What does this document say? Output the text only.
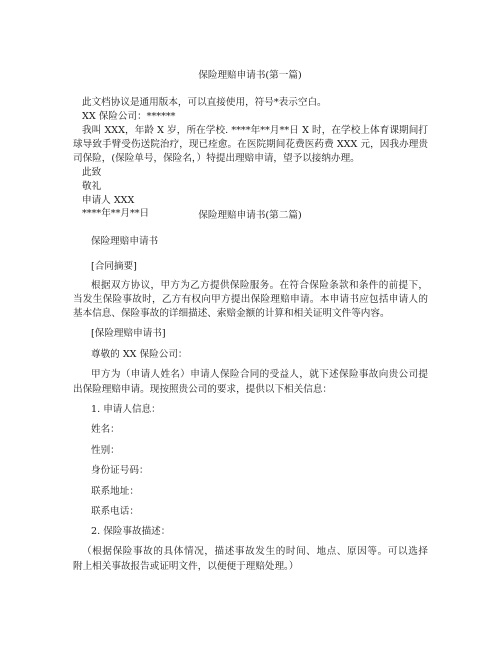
保险理赔申请书(第一篇)
此文档协议是通用版本，可以直接使用，符号*表示空白。
XX 保险公司：******
我叫 XXX，年龄 X 岁，所在学校. ****年**月**日 X 时，在学校上体育课期间打
球导致手臂受伤送院治疗，现已痊愈。在医院期间花费医药费 XXX 元，因我办理贵
司保险，(保险单号，保险名，）特提出理赔申请，望予以接纳办理。
此致
敬礼
申请人 XXX
****年**月**日	保险理赔申请书(第二篇)
保险理赔申请书
[合同摘要]
根据双方协议，甲方为乙方提供保险服务。在符合保险条款和条件的前提下，
当发生保险事故时，乙方有权向甲方提出保险理赔申请。本申请书应包括申请人的
基本信息、保险事故的详细描述、索赔金额的计算和相关证明文件等内容。
[保险理赔申请书]
尊敬的 XX 保险公司：
甲方为（申请人姓名）申请人保险合同的受益人，就下述保险事故向贵公司提
出保险理赔申请。现按照贵公司的要求，提供以下相关信息：
1. 申请人信息：
姓名：
性别：
身份证号码：
联系地址：
联系电话：
2. 保险事故描述：
（根据保险事故的具体情况，描述事故发生的时间、地点、原因等。可以选择
附上相关事故报告或证明文件，以便便于理赔处理。）
